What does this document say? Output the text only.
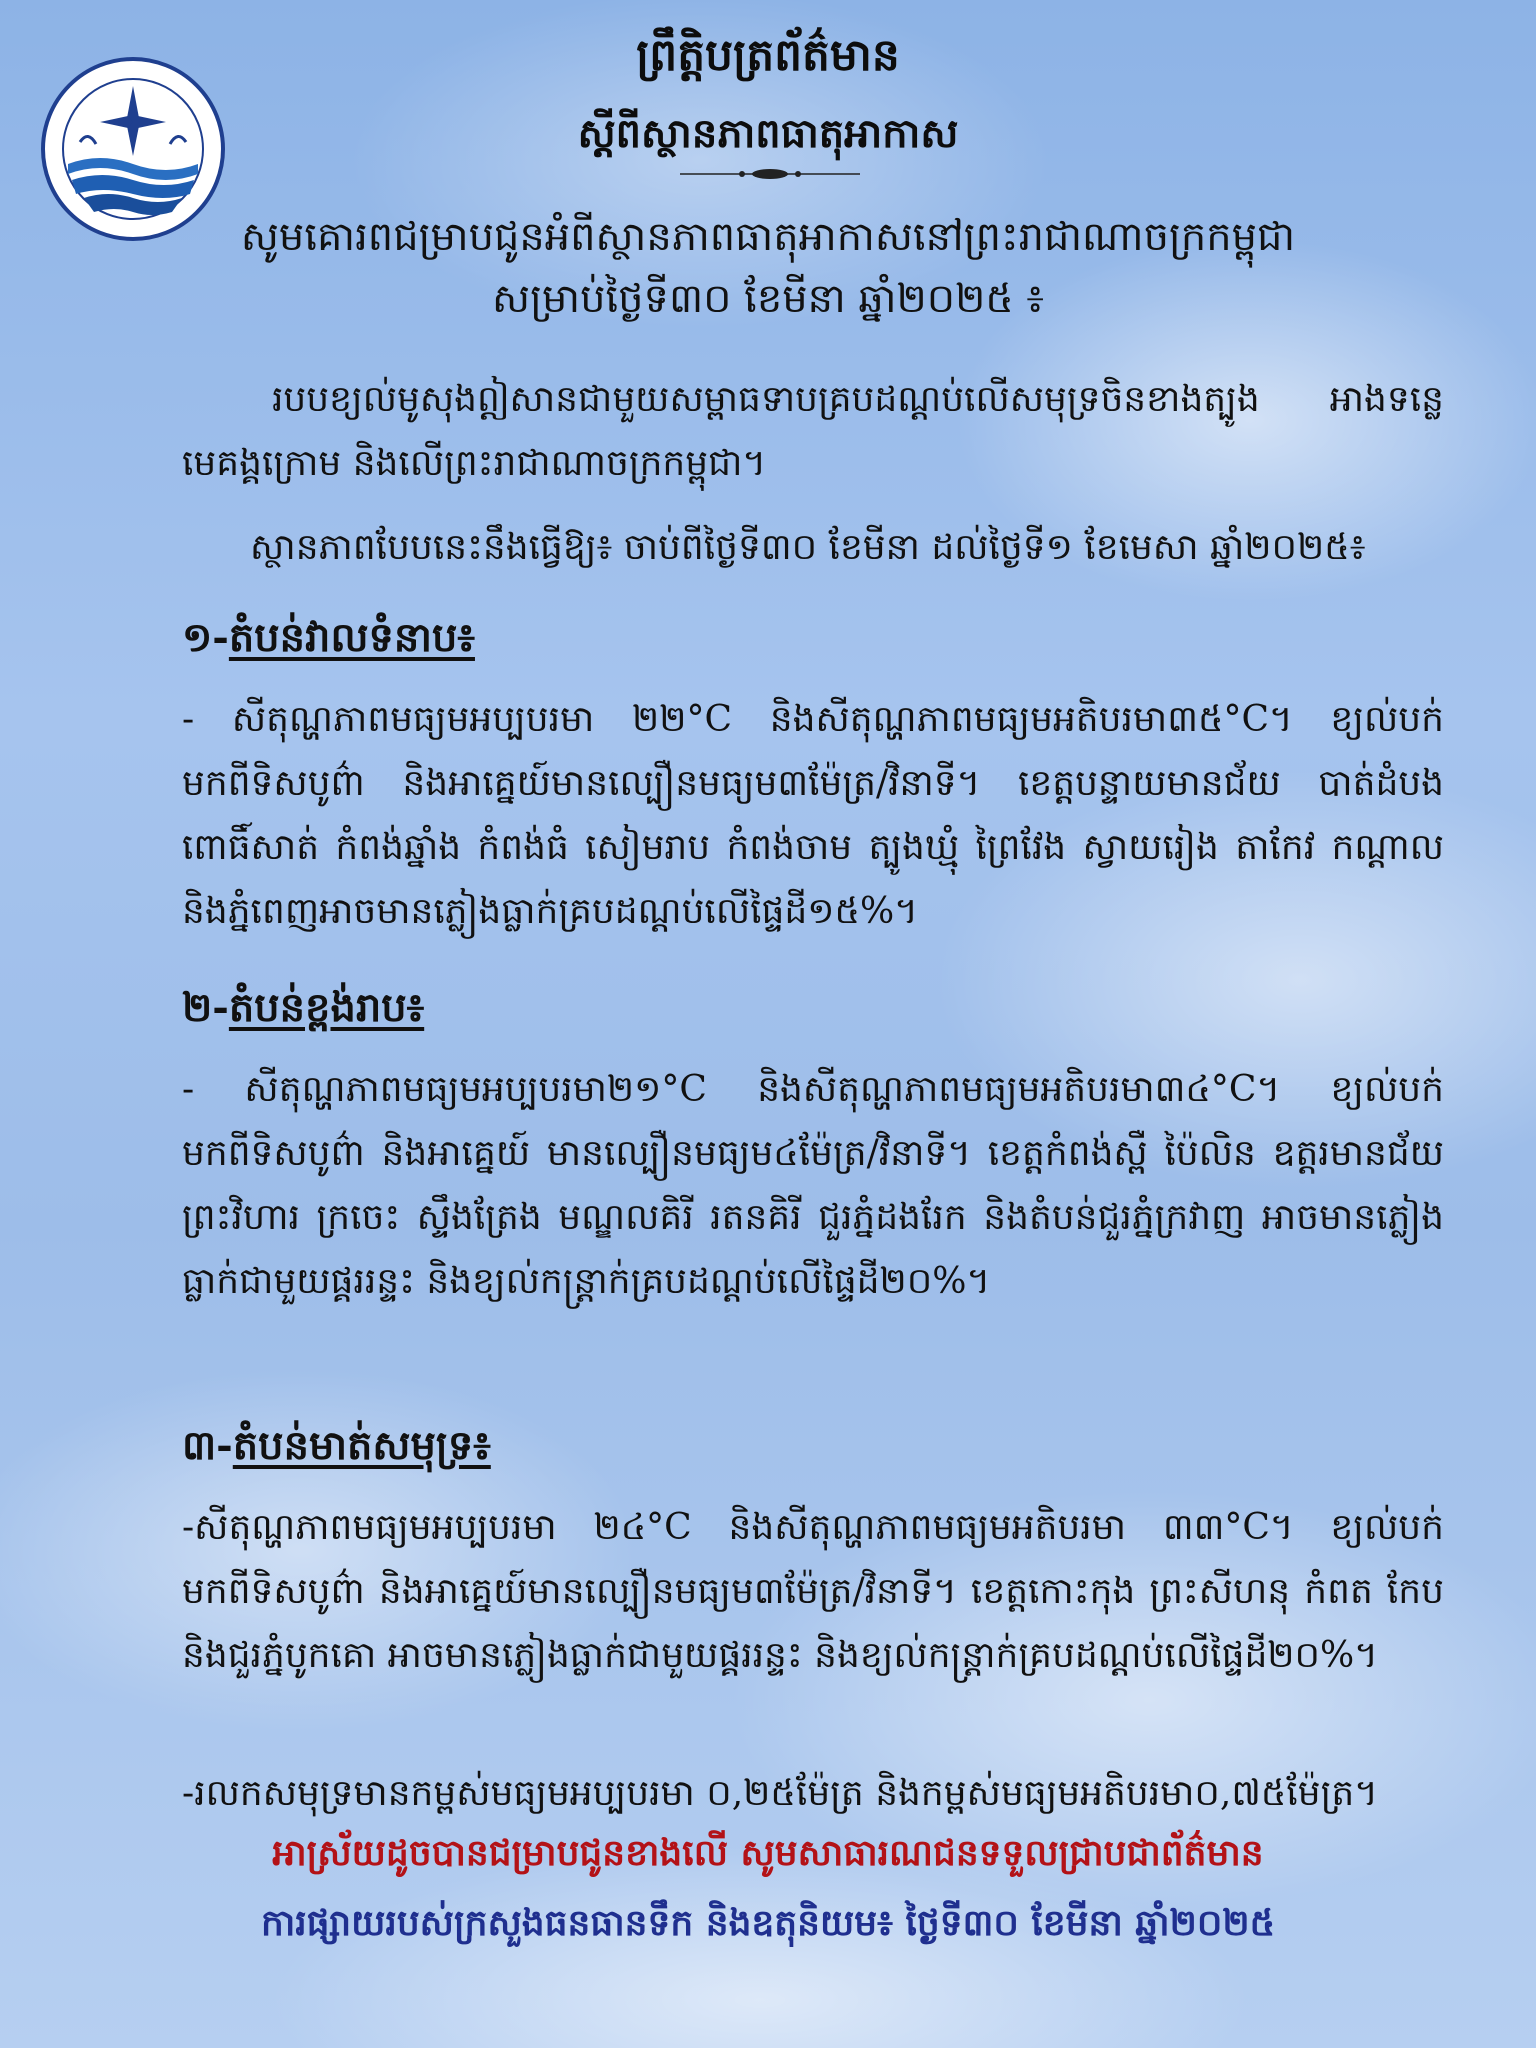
ព្រឹត្តិបត្រព័ត៌មាន
ស្តីពីស្ថានភាពធាតុអាកាស
សូមគោរពជម្រាបជូនអំពីស្ថានភាពធាតុអាកាសនៅព្រះរាជាណាចក្រកម្ពុជា
សម្រាប់ថ្ងៃទី៣០ ខែមីនា ឆ្នាំ២០២៥ ៖
របបខ្យល់មូសុងឦសានជាមួយសម្ពាធទាបគ្របដណ្តប់លើសមុទ្រចិនខាងត្បូង អាងទន្លេមេគង្គក្រោម និងលើព្រះរាជាណាចក្រកម្ពុជា។
ស្ថានភាពបែបនេះនឹងធ្វើឱ្យ៖ ចាប់ពីថ្ងៃទី៣០ ខែមីនា ដល់ថ្ងៃទី១ ខែមេសា ឆ្នាំ២០២៥៖
១-តំបន់វាលទំនាប៖
- សីតុណ្ហភាពមធ្យមអប្បបរមា ២២°C និងសីតុណ្ហភាពមធ្យមអតិបរមា៣៥°C។ ខ្យល់បក់មកពីទិសបូព៌ា និងអាគ្នេយ៍មានល្បឿនមធ្យម៣ម៉ែត្រ/វិនាទី។ ខេត្តបន្ទាយមានជ័យ បាត់ដំបង ពោធិ៍សាត់ កំពង់ឆ្នាំង កំពង់ធំ សៀមរាប កំពង់ចាម ត្បូងឃ្មុំ ព្រៃវែង ស្វាយរៀង តាកែវ កណ្តាល និងភ្នំពេញអាចមានភ្លៀងធ្លាក់គ្របដណ្តប់លើផ្ទៃដី១៥%។
២-តំបន់ខ្ពង់រាប៖
- សីតុណ្ហភាពមធ្យមអប្បបរមា២១°C និងសីតុណ្ហភាពមធ្យមអតិបរមា៣៤°C។ ខ្យល់បក់មកពីទិសបូព៌ា និងអាគ្នេយ៍ មានល្បឿនមធ្យម៤ម៉ែត្រ/វិនាទី។ ខេត្តកំពង់ស្ពឺ ប៉ៃលិន ឧត្តរមានជ័យ ព្រះវិហារ ក្រចេះ ស្ទឹងត្រែង មណ្ឌលគិរី រតនគិរី ជួរភ្នំដងរែក និងតំបន់ជួរភ្នំក្រវាញ អាចមានភ្លៀងធ្លាក់ជាមួយផ្គររន្ទះ និងខ្យល់កន្ត្រាក់គ្របដណ្តប់លើផ្ទៃដី២០%។
៣-តំបន់មាត់សមុទ្រ៖
-សីតុណ្ហភាពមធ្យមអប្បបរមា ២៤°C និងសីតុណ្ហភាពមធ្យមអតិបរមា ៣៣°C។ ខ្យល់បក់មកពីទិសបូព៌ា និងអាគ្នេយ៍មានល្បឿនមធ្យម៣ម៉ែត្រ/វិនាទី។ ខេត្តកោះកុង ព្រះសីហនុ កំពត កែប និងជួរភ្នំបូកគោ អាចមានភ្លៀងធ្លាក់ជាមួយផ្គររន្ទះ និងខ្យល់កន្ត្រាក់គ្របដណ្តប់លើផ្ទៃដី២០%។
-រលកសមុទ្រមានកម្ពស់មធ្យមអប្បបរមា ០,២៥ម៉ែត្រ និងកម្ពស់មធ្យមអតិបរមា០,៧៥ម៉ែត្រ។
អាស្រ័យដូចបានជម្រាបជូនខាងលើ សូមសាធារណជនទទួលជ្រាបជាព័ត៌មាន
ការផ្សាយរបស់ក្រសួងធនធានទឹក និងឧតុនិយម៖ ថ្ងៃទី៣០ ខែមីនា ឆ្នាំ២០២៥
